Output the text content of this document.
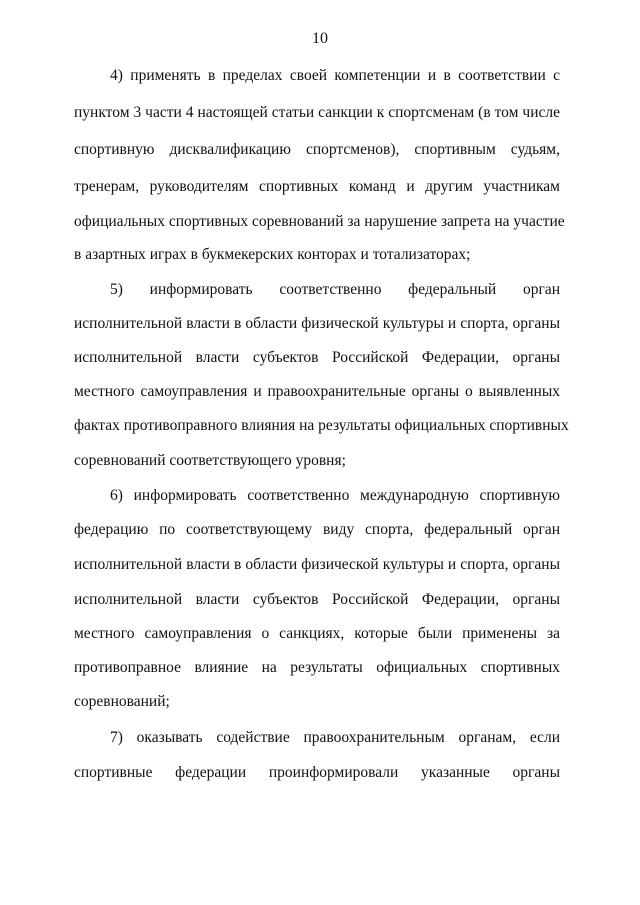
10
4) применять в пределах своей компетенции и в соответствии с
пунктом 3 части 4 настоящей статьи санкции к спортсменам (в том числе
спортивную дисквалификацию спортсменов), спортивным судьям,
тренерам, руководителям спортивных команд и другим участникам
официальных спортивных соревнований за нарушение запрета на участие
в азартных играх в букмекерских конторах и тотализаторах;
5) информировать соответственно федеральный орган
исполнительной власти в области физической культуры и спорта, органы
исполнительной власти субъектов Российской Федерации, органы
местного самоуправления и правоохранительные органы о выявленных
фактах противоправного влияния на результаты официальных спортивных
соревнований соответствующего уровня;
6) информировать соответственно международную спортивную
федерацию по соответствующему виду спорта, федеральный орган
исполнительной власти в области физической культуры и спорта, органы
исполнительной власти субъектов Российской Федерации, органы
местного самоуправления о санкциях, которые были применены за
противоправное влияние на результаты официальных спортивных
соревнований;
7) оказывать содействие правоохранительным органам, если
спортивные федерации проинформировали указанные органы
